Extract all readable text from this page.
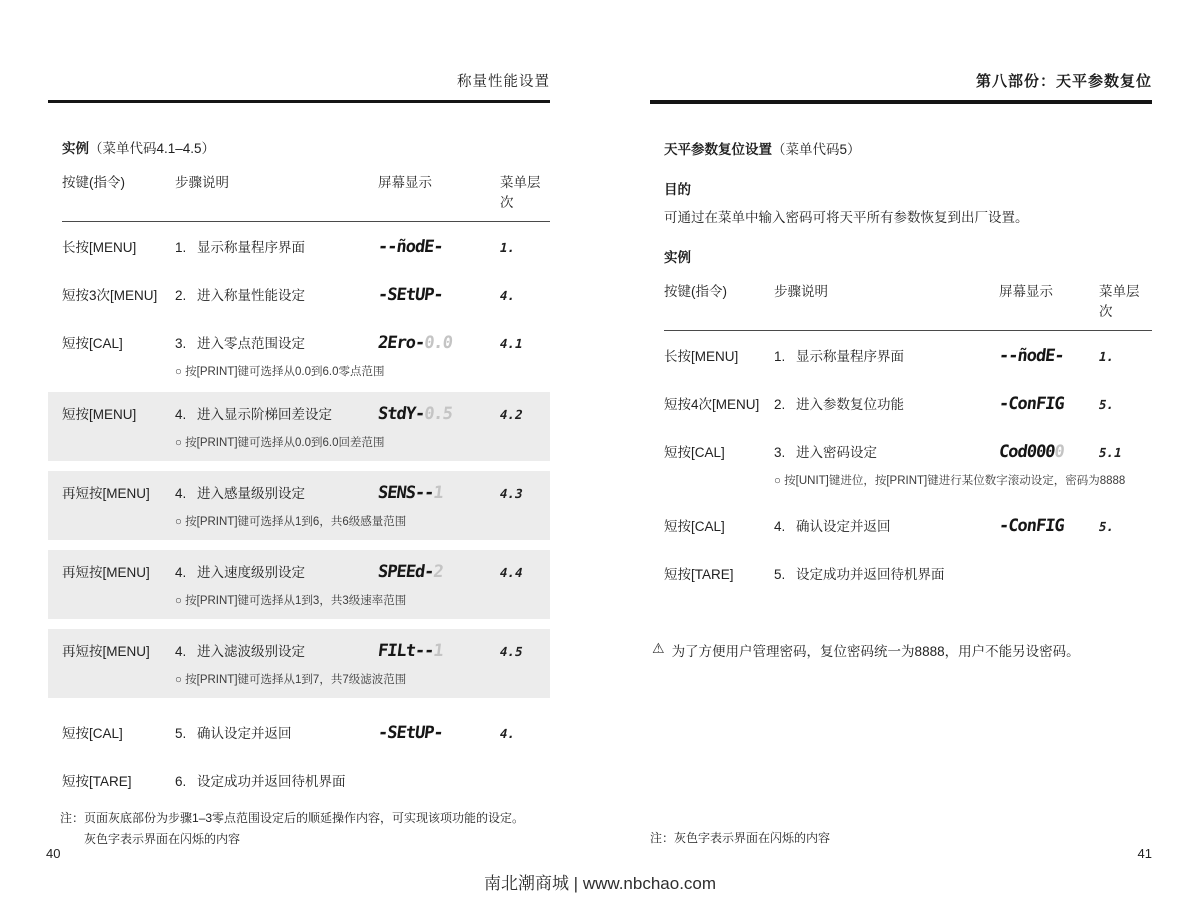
称量性能设置
实例（菜单代码4.1–4.5）
按键(指令)	步骤说明	屏幕显示	菜单层次
长按[MENU]	1. 显示称量程序界面	--ñodE-	1.
短按3次[MENU]	2. 进入称量性能设定	-SEtUP-	4.
短按[CAL]	3. 进入零点范围设定	2Ero-0.0	4.1
○ 按[PRINT]键可选择从0.0到6.0零点范围
短按[MENU]	4. 进入显示阶梯回差设定	StdY-0.5	4.2
○ 按[PRINT]键可选择从0.0到6.0回差范围
再短按[MENU]	4. 进入感量级别设定	SENS--1	4.3
○ 按[PRINT]键可选择从1到6，共6级感量范围
再短按[MENU]	4. 进入速度级别设定	SPEEd-2	4.4
○ 按[PRINT]键可选择从1到3，共3级速率范围
再短按[MENU]	4. 进入滤波级别设定	FILt--1	4.5
○ 按[PRINT]键可选择从1到7，共7级滤波范围
短按[CAL]	5. 确认设定并返回	-SEtUP-	4.
短按[TARE]	6. 设定成功并返回待机界面
第八部份：天平参数复位
天平参数复位设置（菜单代码5）
目的
可通过在菜单中输入密码可将天平所有参数恢复到出厂设置。
实例
按键(指令)	步骤说明	屏幕显示	菜单层次
长按[MENU]	1. 显示称量程序界面	--ñodE-	1.
短按4次[MENU]	2. 进入参数复位功能	-ConFIG	5.
短按[CAL]	3. 进入密码设定	Cod0000	5.1
○ 按[UNIT]键进位，按[PRINT]键进行某位数字滚动设定，密码为8888
短按[CAL]	4. 确认设定并返回	-ConFIG	5.
短按[TARE]	5. 设定成功并返回待机界面
⚠ 为了方便用户管理密码，复位密码统一为8888，用户不能另设密码。
注： 页面灰底部份为步骤1–3零点范围设定后的顺延操作内容，可实现该项功能的设定。
灰色字表示界面在闪烁的内容	注： 灰色字表示界面在闪烁的内容
40	41
南北潮商城 | www.nbchao.com
